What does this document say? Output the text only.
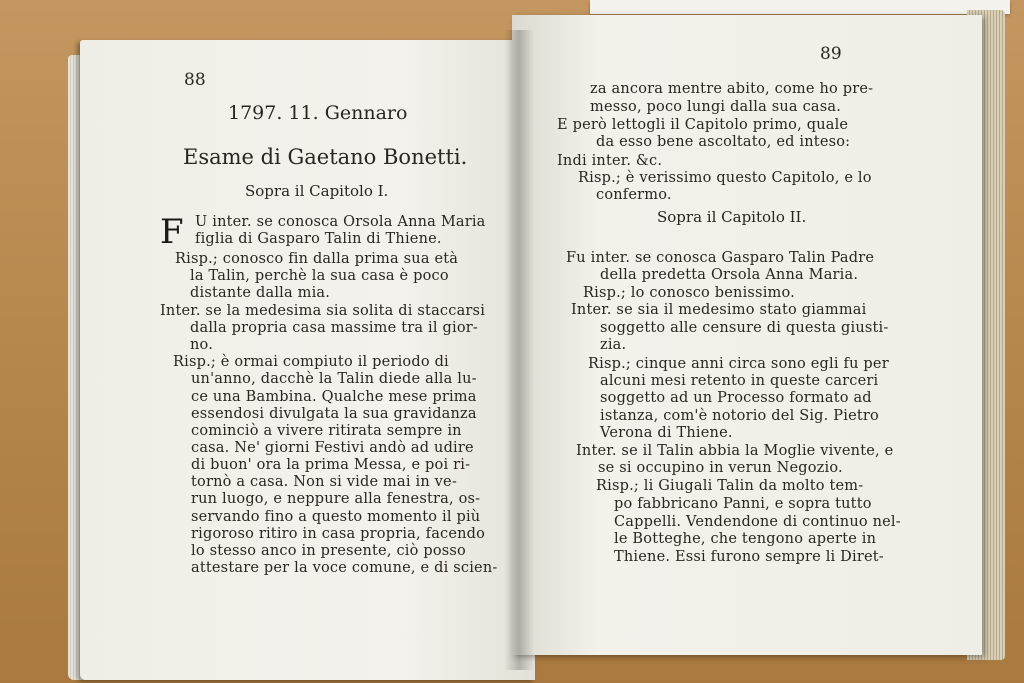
88
1797. 11. Gennaro
Esame di Gaetano Bonetti.
Sopra il Capitolo I.
F U inter. se conosca Orsola Anna Maria
figlia di Gasparo Talin di Thiene.
Risp.; conosco fin dalla prima sua età
la Talin, perchè la sua casa è poco
distante dalla mia.
Inter. se la medesima sia solita di staccarsi
dalla propria casa massime tra il gior-
no.
Risp.; è ormai compiuto il periodo di
un'anno, dacchè la Talin diede alla lu-
ce una Bambina. Qualche mese prima
essendosi divulgata la sua gravidanza
cominciò a vivere ritirata sempre in
casa. Ne' giorni Festivi andò ad udire
di buon' ora la prima Messa, e poi ri-
tornò a casa. Non si vide mai in ve-
run luogo, e neppure alla fenestra, os-
servando fino a questo momento il più
rigoroso ritiro in casa propria, facendo
lo stesso anco in presente, ciò posso
attestare per la voce comune, e di scien-
89
za ancora mentre abito, come ho pre-
messo, poco lungi dalla sua casa.
E però lettogli il Capitolo primo, quale
da esso bene ascoltato, ed inteso:
Indi inter. &c.
Risp.; è verissimo questo Capitolo, e lo
confermo.
Sopra il Capitolo II.
Fu inter. se conosca Gasparo Talin Padre
della predetta Orsola Anna Maria.
Risp.; lo conosco benissimo.
Inter. se sia il medesimo stato giammai
soggetto alle censure di questa giusti-
zia.
Risp.; cinque anni circa sono egli fu per
alcuni mesi retento in queste carceri
soggetto ad un Processo formato ad
istanza, com'è notorio del Sig. Pietro
Verona di Thiene.
Inter. se il Talin abbia la Moglie vivente, e
se si occupino in verun Negozio.
Risp.; li Giugali Talin da molto tem-
po fabbricano Panni, e sopra tutto
Cappelli. Vendendone di continuo nel-
le Botteghe, che tengono aperte in
Thiene. Essi furono sempre li Diret-
